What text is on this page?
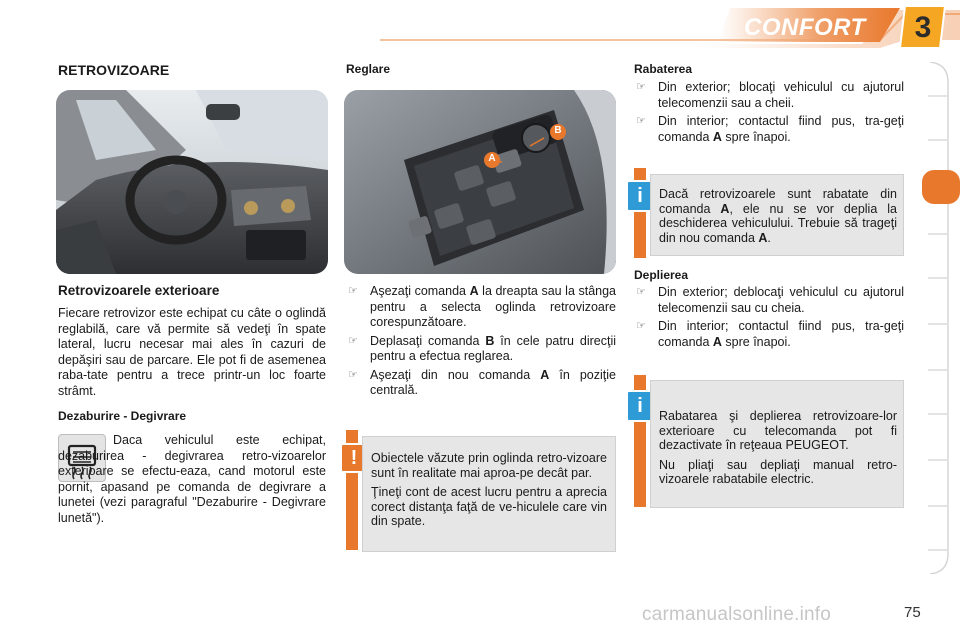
CONFORT	3
RETROVIZOARE
Retrovizoarele exterioare
Fiecare retrovizor este echipat cu câte o oglindă reglabilă, care vă permite să vedeţi în spate lateral, lucru necesar mai ales în cazuri de depăşiri sau de parcare. Ele pot fi de asemenea raba-tate pentru a trece printr-un loc foarte strâmt.
Dezaburire - Degivrare
Daca vehiculul este echipat, dezaburirea - degivrarea retro-vizoarelor exterioare se efectu-eaza, cand motorul este pornit, apasand pe comanda de degivrare a lunetei (vezi paragraful "Dezaburire - Degivrare lunetă").
Reglare
B
A
☞ Aşezaţi comanda A la dreapta sau la stânga pentru a selecta oglinda retrovizoare corespunzătoare.
☞ Deplasaţi comanda B în cele patru direcţii pentru a efectua reglarea.
☞ Aşezaţi din nou comanda A în poziţie centrală.
!	Obiectele văzute prin oglinda retro-vizoare sunt în realitate mai aproa-pe decât par.

Ţineţi cont de acest lucru pentru a aprecia corect distanţa faţă de ve-hiculele care vin din spate.

Rabaterea
☞ Din exterior; blocaţi vehiculul cu ajutorul telecomenzii sau a cheii.
☞ Din interior; contactul fiind pus, tra-geţi comanda A spre înapoi.
i	Dacă retrovizoarele sunt rabatate din comanda A, ele nu se vor deplia la deschiderea vehiculului. Trebuie să trageţi din nou comanda A.
Deplierea
☞ Din exterior; deblocaţi vehiculul cu ajutorul telecomenzii sau cu cheia.
☞ Din interior; contactul fiind pus, tra-geţi comanda A spre înapoi.
i	Rabatarea şi deplierea retrovizoare-lor exterioare cu telecomanda pot fi dezactivate în reţeaua PEUGEOT.

Nu pliaţi sau depliaţi manual retro-vizoarele rabatabile electric.

carmanualsonline.info	75
